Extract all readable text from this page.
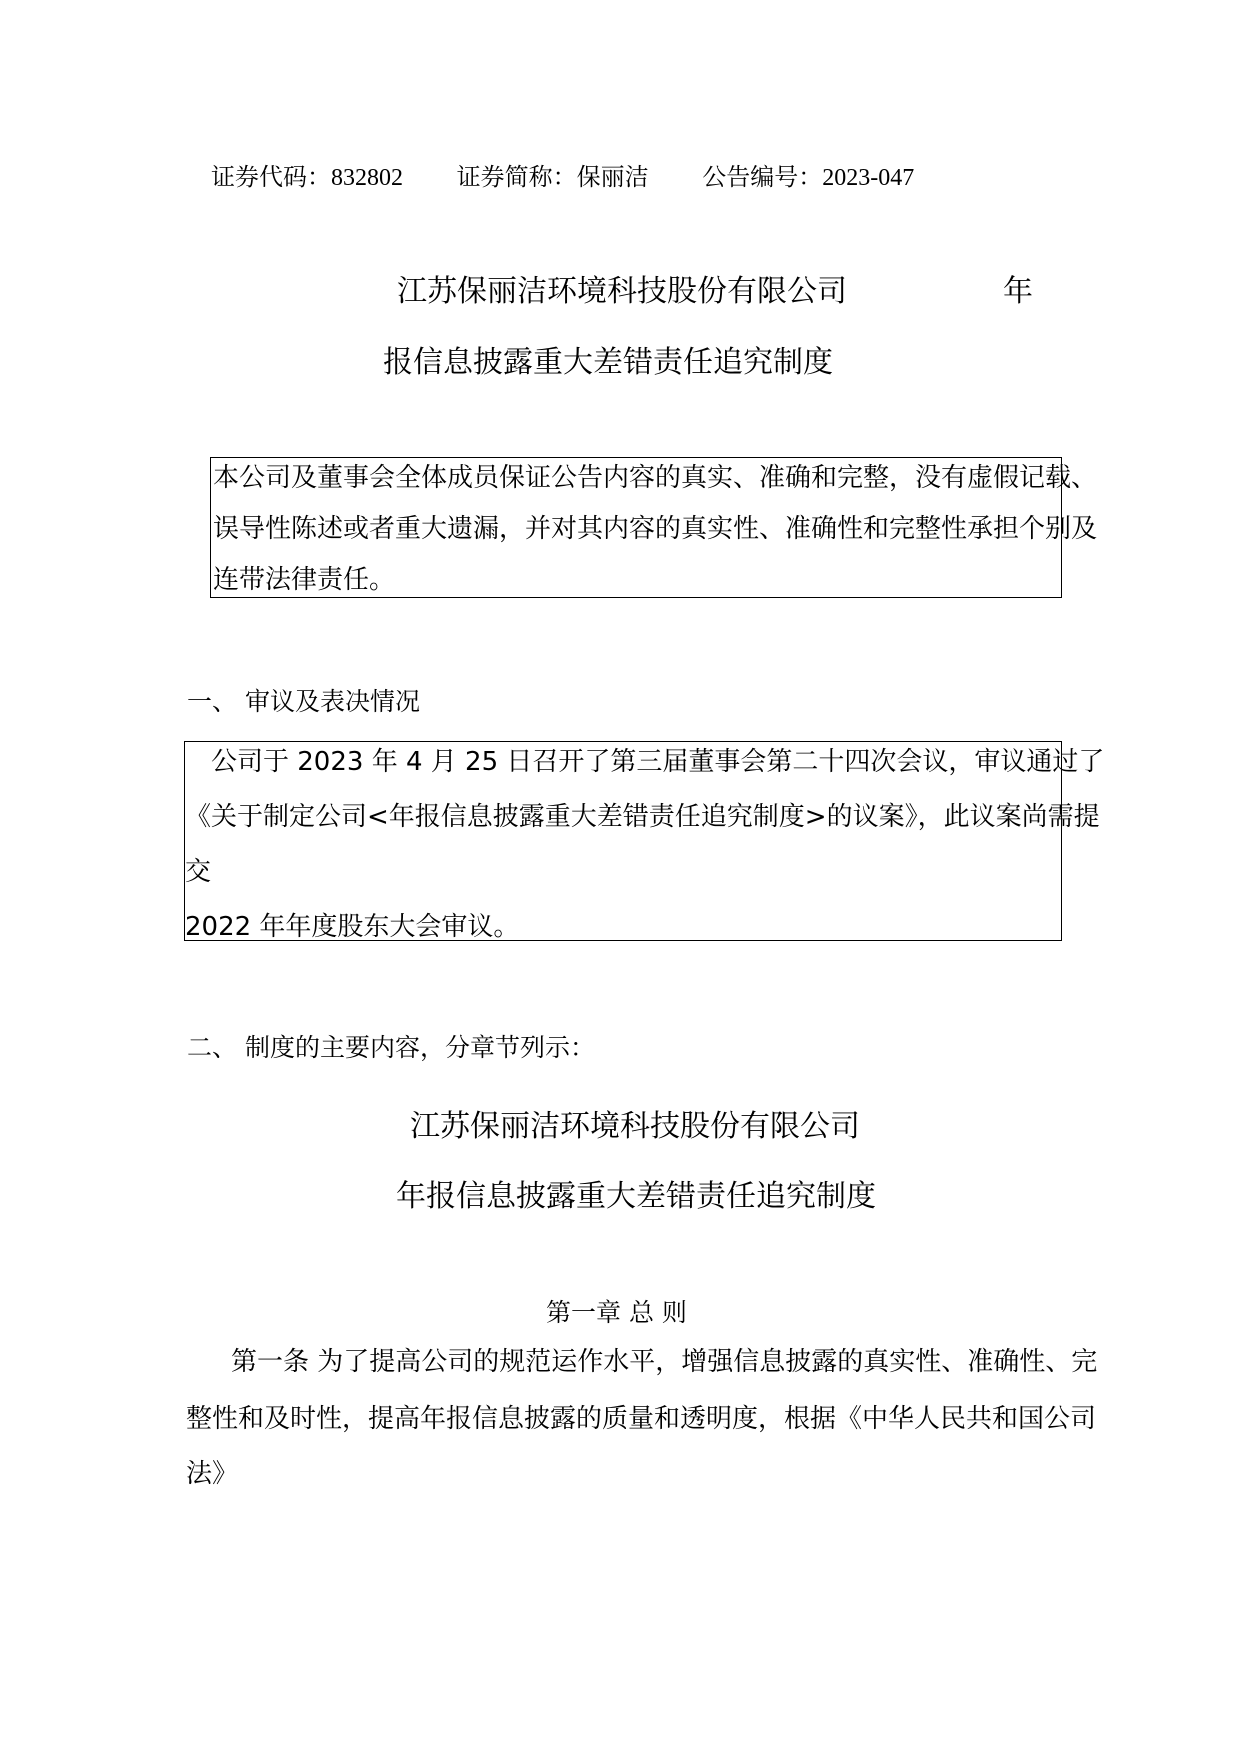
证券代码：832802 证券简称：保丽洁 公告编号：2023-047
江苏保丽洁环境科技股份有限公司	年
报信息披露重大差错责任追究制度
本公司及董事会全体成员保证公告内容的真实、准确和完整，没有虚假记载、
误导性陈述或者重大遗漏，并对其内容的真实性、准确性和完整性承担个别及
连带法律责任。
一、 审议及表决情况
公司于 2023 年 4 月 25 日召开了第三届董事会第二十四次会议，审议通过了
《关于制定公司<年报信息披露重大差错责任追究制度>的议案》，此议案尚需提
交
2022 年年度股东大会审议。
二、 制度的主要内容，分章节列示：
江苏保丽洁环境科技股份有限公司
年报信息披露重大差错责任追究制度
第一章 总 则
第一条 为了提高公司的规范运作水平，增强信息披露的真实性、准确性、完
整性和及时性，提高年报信息披露的质量和透明度，根据《中华人民共和国公司
法》
